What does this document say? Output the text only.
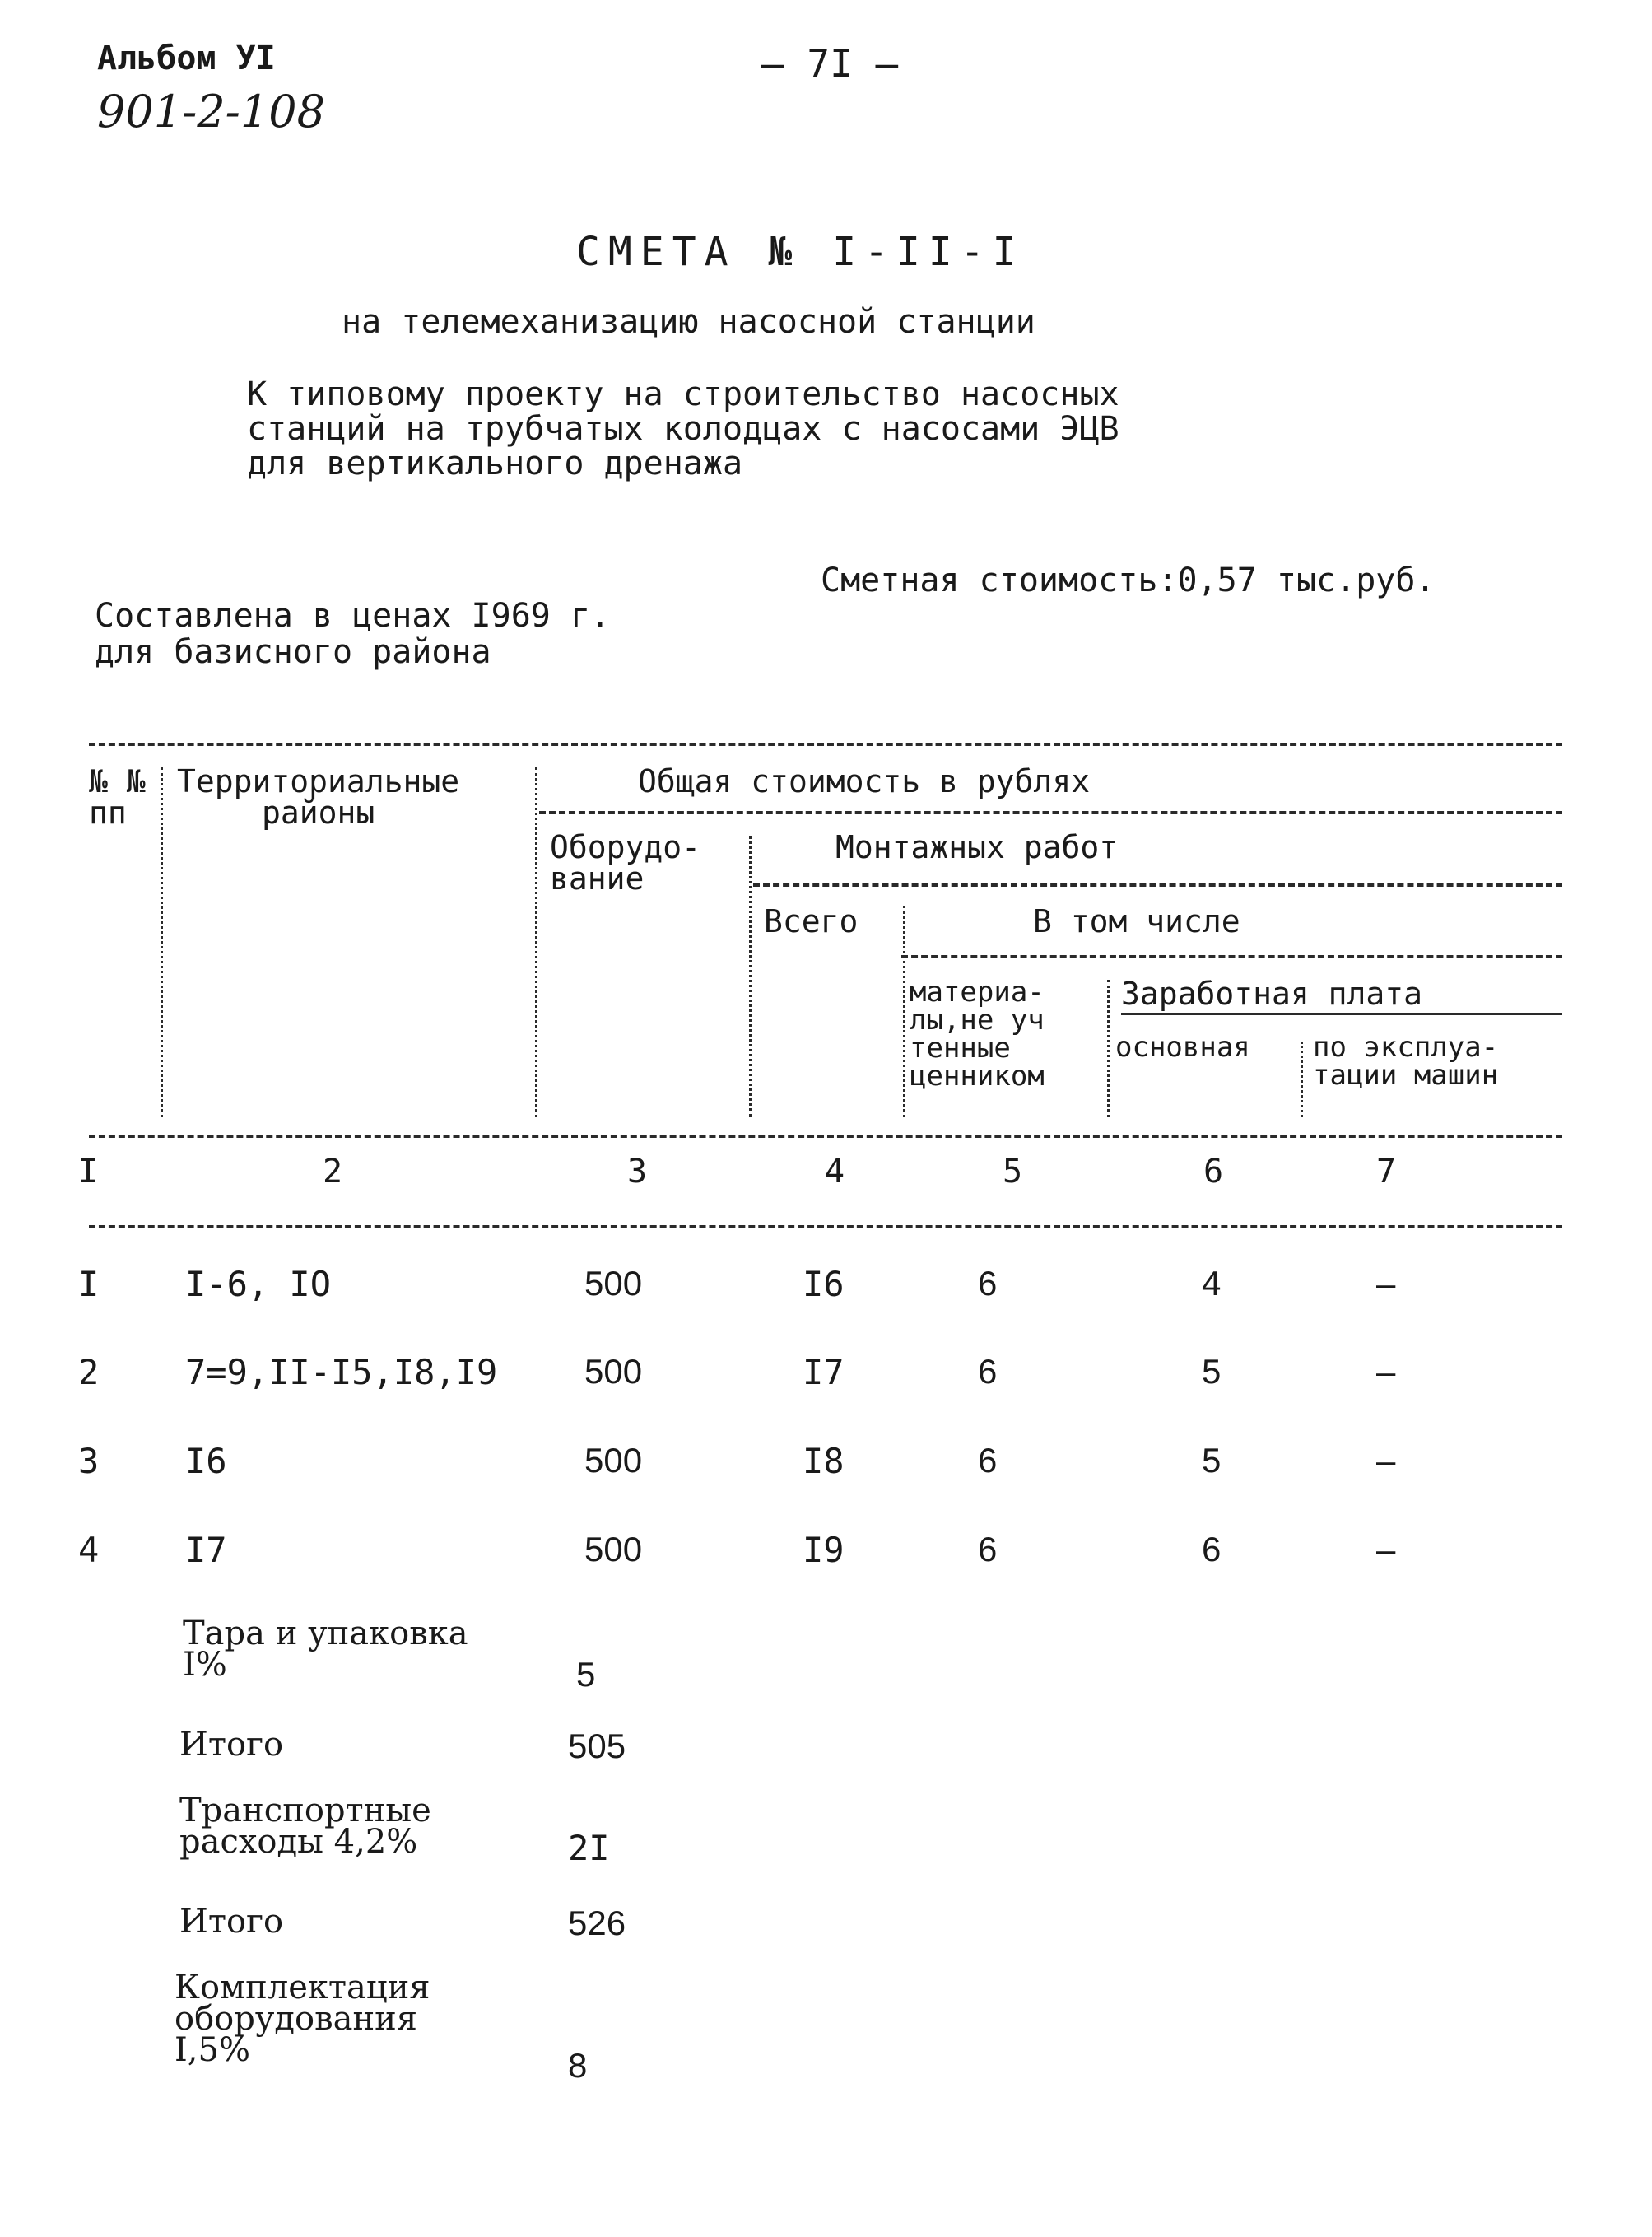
Альбом УI
901-2-108
— 7I —
СМЕТА № I-II-I
на телемеханизацию насосной станции
К типовому проекту на строительство насосных
станций на трубчатых колодцах с насосами ЭЦВ
для вертикального дренажа
Сметная стоимость:0,57 тыс.руб.
Составлена в ценах I969 г.
для базисного района
№ №
пп
Территориальные
районы
Общая стоимость в рублях
Оборудо-
вание
Монтажных работ
Всего	В том числе
материа-
лы,не уч
тенные
ценником
Заработная плата
основная по эксплуа-
тации машин
I	2	3	4	5	6	7
I I-6, IO	500	I6	6	4	–
2 7=9,II-I5,I8,I9	500	I7	6	5	–
3 I6	500	I8	6	5	–
4 I7	500	I9	6	6	–
Тара и упаковка
I%	5
Итого	505
Транспортные
расходы 4,2%	2I
Итого	526
Комплектация
оборудования
I,5%	8
